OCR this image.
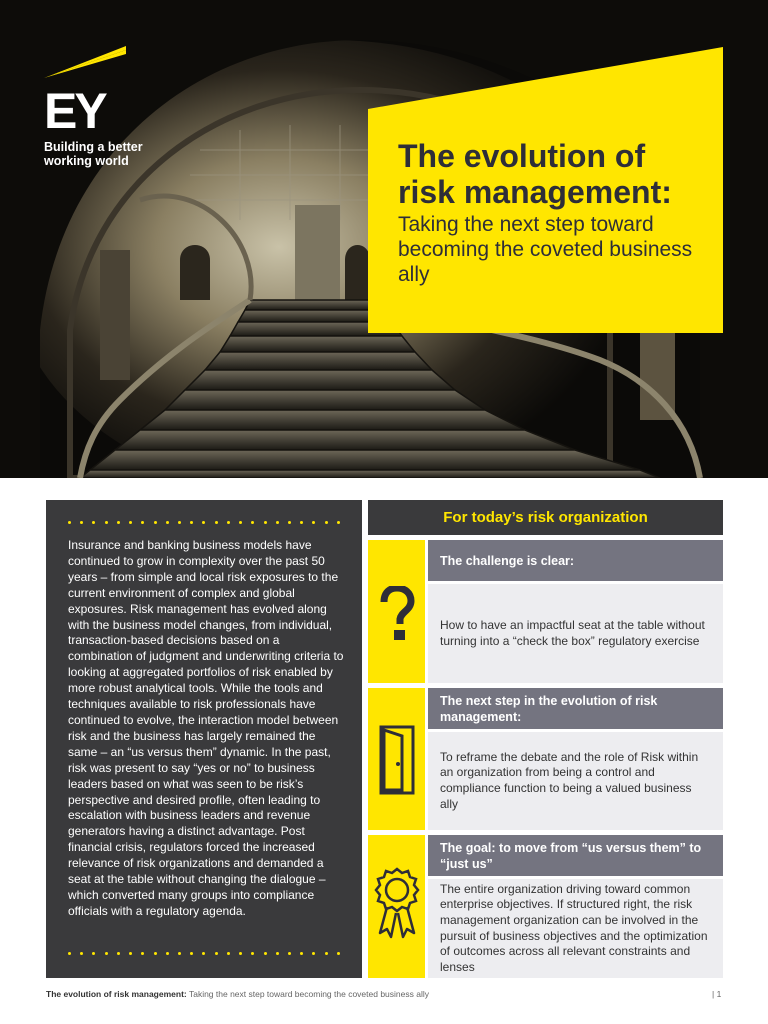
EY
Building a better
working world	The evolution of risk management:
Taking the next step toward becoming the coveted business ally
Insurance and banking business models have continued to grow in complexity over the past 50 years – from simple and local risk exposures to the current environment of complex and global exposures. Risk management has evolved along with the business model changes, from individual, transaction-based decisions based on a combination of judgment and underwriting criteria to looking at aggregated portfolios of risk enabled by more robust analytical tools. While the tools and techniques available to risk professionals have continued to evolve, the interaction model between risk and the business has largely remained the same – an “us versus them” dynamic. In the past, risk was present to say “yes or no” to business leaders based on what was seen to be risk’s perspective and desired profile, often leading to escalation with business leaders and revenue generators having a distinct advantage. Post financial crisis, regulators forced the increased relevance of risk organizations and demanded a seat at the table without changing the dialogue – which converted many groups into compliance officials with a regulatory agenda.
For today’s risk organization
The challenge is clear:
How to have an impactful seat at the table without turning into a “check the box” regulatory exercise
The next step in the evolution of risk management:
To reframe the debate and the role of Risk within an organization from being a control and compliance function to being a valued business ally
The goal: to move from “us versus them” to “just us”
The entire organization driving toward common enterprise objectives. If structured right, the risk management organization can be involved in the pursuit of business objectives and the optimization of outcomes across all relevant constraints and lenses
The evolution of risk management: Taking the next step toward becoming the coveted business ally	| 1
